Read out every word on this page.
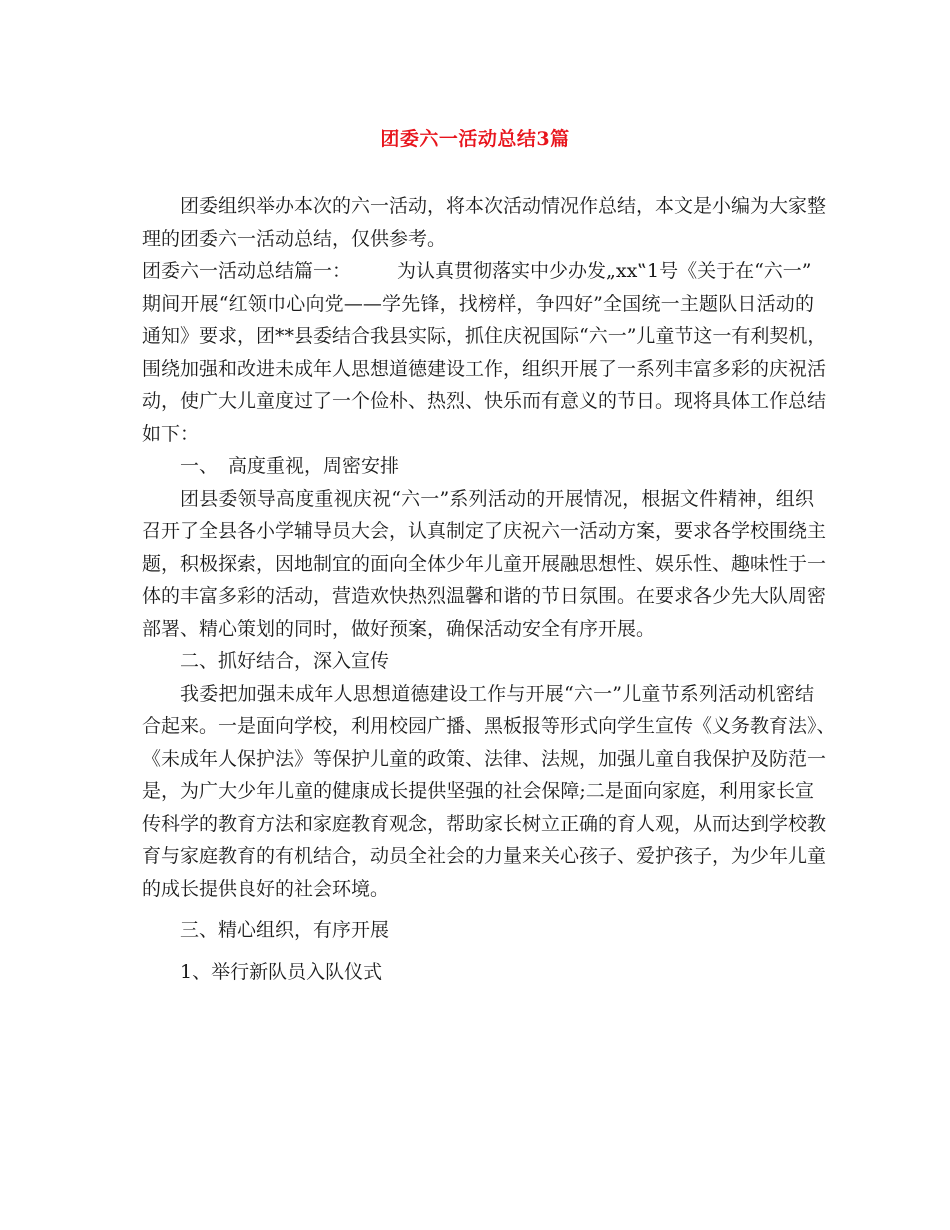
团委六一活动总结3篇
团委组织举办本次的六一活动，将本次活动情况作总结，本文是小编为大家整
理的团委六一活动总结，仅供参考。
团委六一活动总结篇一： 为认真贯彻落实中少办发„xx‟1号《关于在“六一”
期间开展“红领巾心向党——学先锋，找榜样，争四好”全国统一主题队日活动的
通知》要求，团**县委结合我县实际，抓住庆祝国际“六一”儿童节这一有利契机，
围绕加强和改进未成年人思想道德建设工作，组织开展了一系列丰富多彩的庆祝活
动，使广大儿童度过了一个俭朴、热烈、快乐而有意义的节日。现将具体工作总结
如下：
一、 高度重视，周密安排
团县委领导高度重视庆祝“六一”系列活动的开展情况，根据文件精神，组织
召开了全县各小学辅导员大会，认真制定了庆祝六一活动方案，要求各学校围绕主
题，积极探索，因地制宜的面向全体少年儿童开展融思想性、娱乐性、趣味性于一
体的丰富多彩的活动，营造欢快热烈温馨和谐的节日氛围。在要求各少先大队周密
部署、精心策划的同时，做好预案，确保活动安全有序开展。
二、抓好结合，深入宣传
我委把加强未成年人思想道德建设工作与开展“六一”儿童节系列活动机密结
合起来。一是面向学校，利用校园广播、黑板报等形式向学生宣传《义务教育法》、
《未成年人保护法》等保护儿童的政策、法律、法规，加强儿童自我保护及防范一
是，为广大少年儿童的健康成长提供坚强的社会保障;二是面向家庭，利用家长宣
传科学的教育方法和家庭教育观念，帮助家长树立正确的育人观，从而达到学校教
育与家庭教育的有机结合，动员全社会的力量来关心孩子、爱护孩子，为少年儿童
的成长提供良好的社会环境。
三、精心组织，有序开展
1、举行新队员入队仪式
